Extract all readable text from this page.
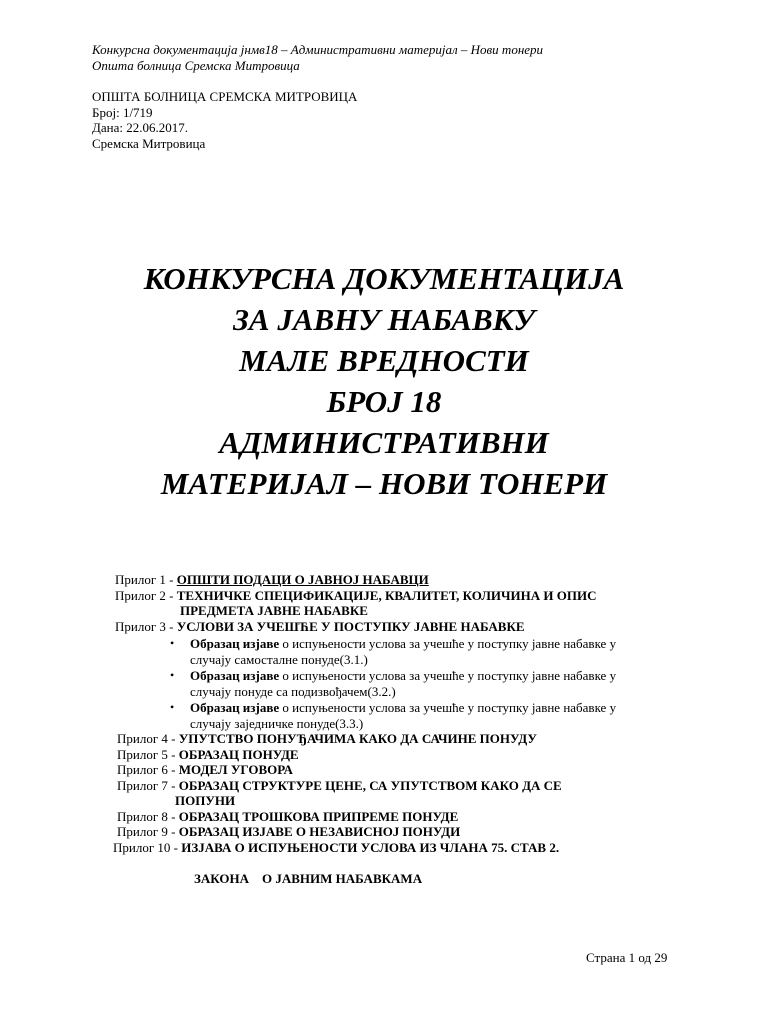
Конкурсна документација јнмв18 – Административни материјал – Нови тонери
Општа болница Сремска Митровица
ОПШТА БОЛНИЦА СРЕМСКА МИТРОВИЦА
Број: 1/719
Дана: 22.06.2017.
Сремска Митровица
КОНКУРСНА ДОКУМЕНТАЦИЈА
ЗА ЈАВНУ НАБАВКУ
МАЛЕ ВРЕДНОСТИ
БРОЈ 18
АДМИНИСТРАТИВНИ
МАТЕРИЈАЛ – НОВИ ТОНЕРИ
Прилог 1 - ОПШТИ ПОДАЦИ О ЈАВНОЈ НАБАВЦИ
Прилог 2 - ТЕХНИЧКЕ СПЕЦИФИКАЦИЈЕ, КВАЛИТЕТ, КОЛИЧИНА И ОПИС
ПРЕДМЕТА ЈАВНЕ НАБАВКЕ
Прилог 3 - УСЛОВИ ЗА УЧЕШЋЕ У ПОСТУПКУ ЈАВНЕ НАБАВКЕ
• Образац изјаве о испуњености услова за учешће у поступку јавне набавке у
случају самосталне понуде(3.1.)
• Образац изјаве о испуњености услова за учешће у поступку јавне набавке у
случају понуде са подизвођачем(3.2.)
• Образац изјаве о испуњености услова за учешће у поступку јавне набавке у
случају заједничке понуде(3.3.)
Прилог 4 - УПУТСТВО ПОНУЂАЧИМА КАКО ДА САЧИНЕ ПОНУДУ
Прилог 5 - ОБРАЗАЦ ПОНУДЕ
Прилог 6 - МОДЕЛ УГОВОРА
Прилог 7 - ОБРАЗАЦ СТРУКТУРЕ ЦЕНЕ, СА УПУТСТВОМ КАКО ДА СЕ
ПОПУНИ
Прилог 8 - ОБРАЗАЦ ТРОШКОВА ПРИПРЕМЕ ПОНУДЕ
Прилог 9 - ОБРАЗАЦ ИЗЈАВЕ О НЕЗАВИСНОЈ ПОНУДИ
Прилог 10 - ИЗЈАВА О ИСПУЊЕНОСТИ УСЛОВА ИЗ ЧЛАНА 75. СТАВ 2.

ЗАКОНА    О ЈАВНИМ НАБАВКАМА

Страна 1 од 29
